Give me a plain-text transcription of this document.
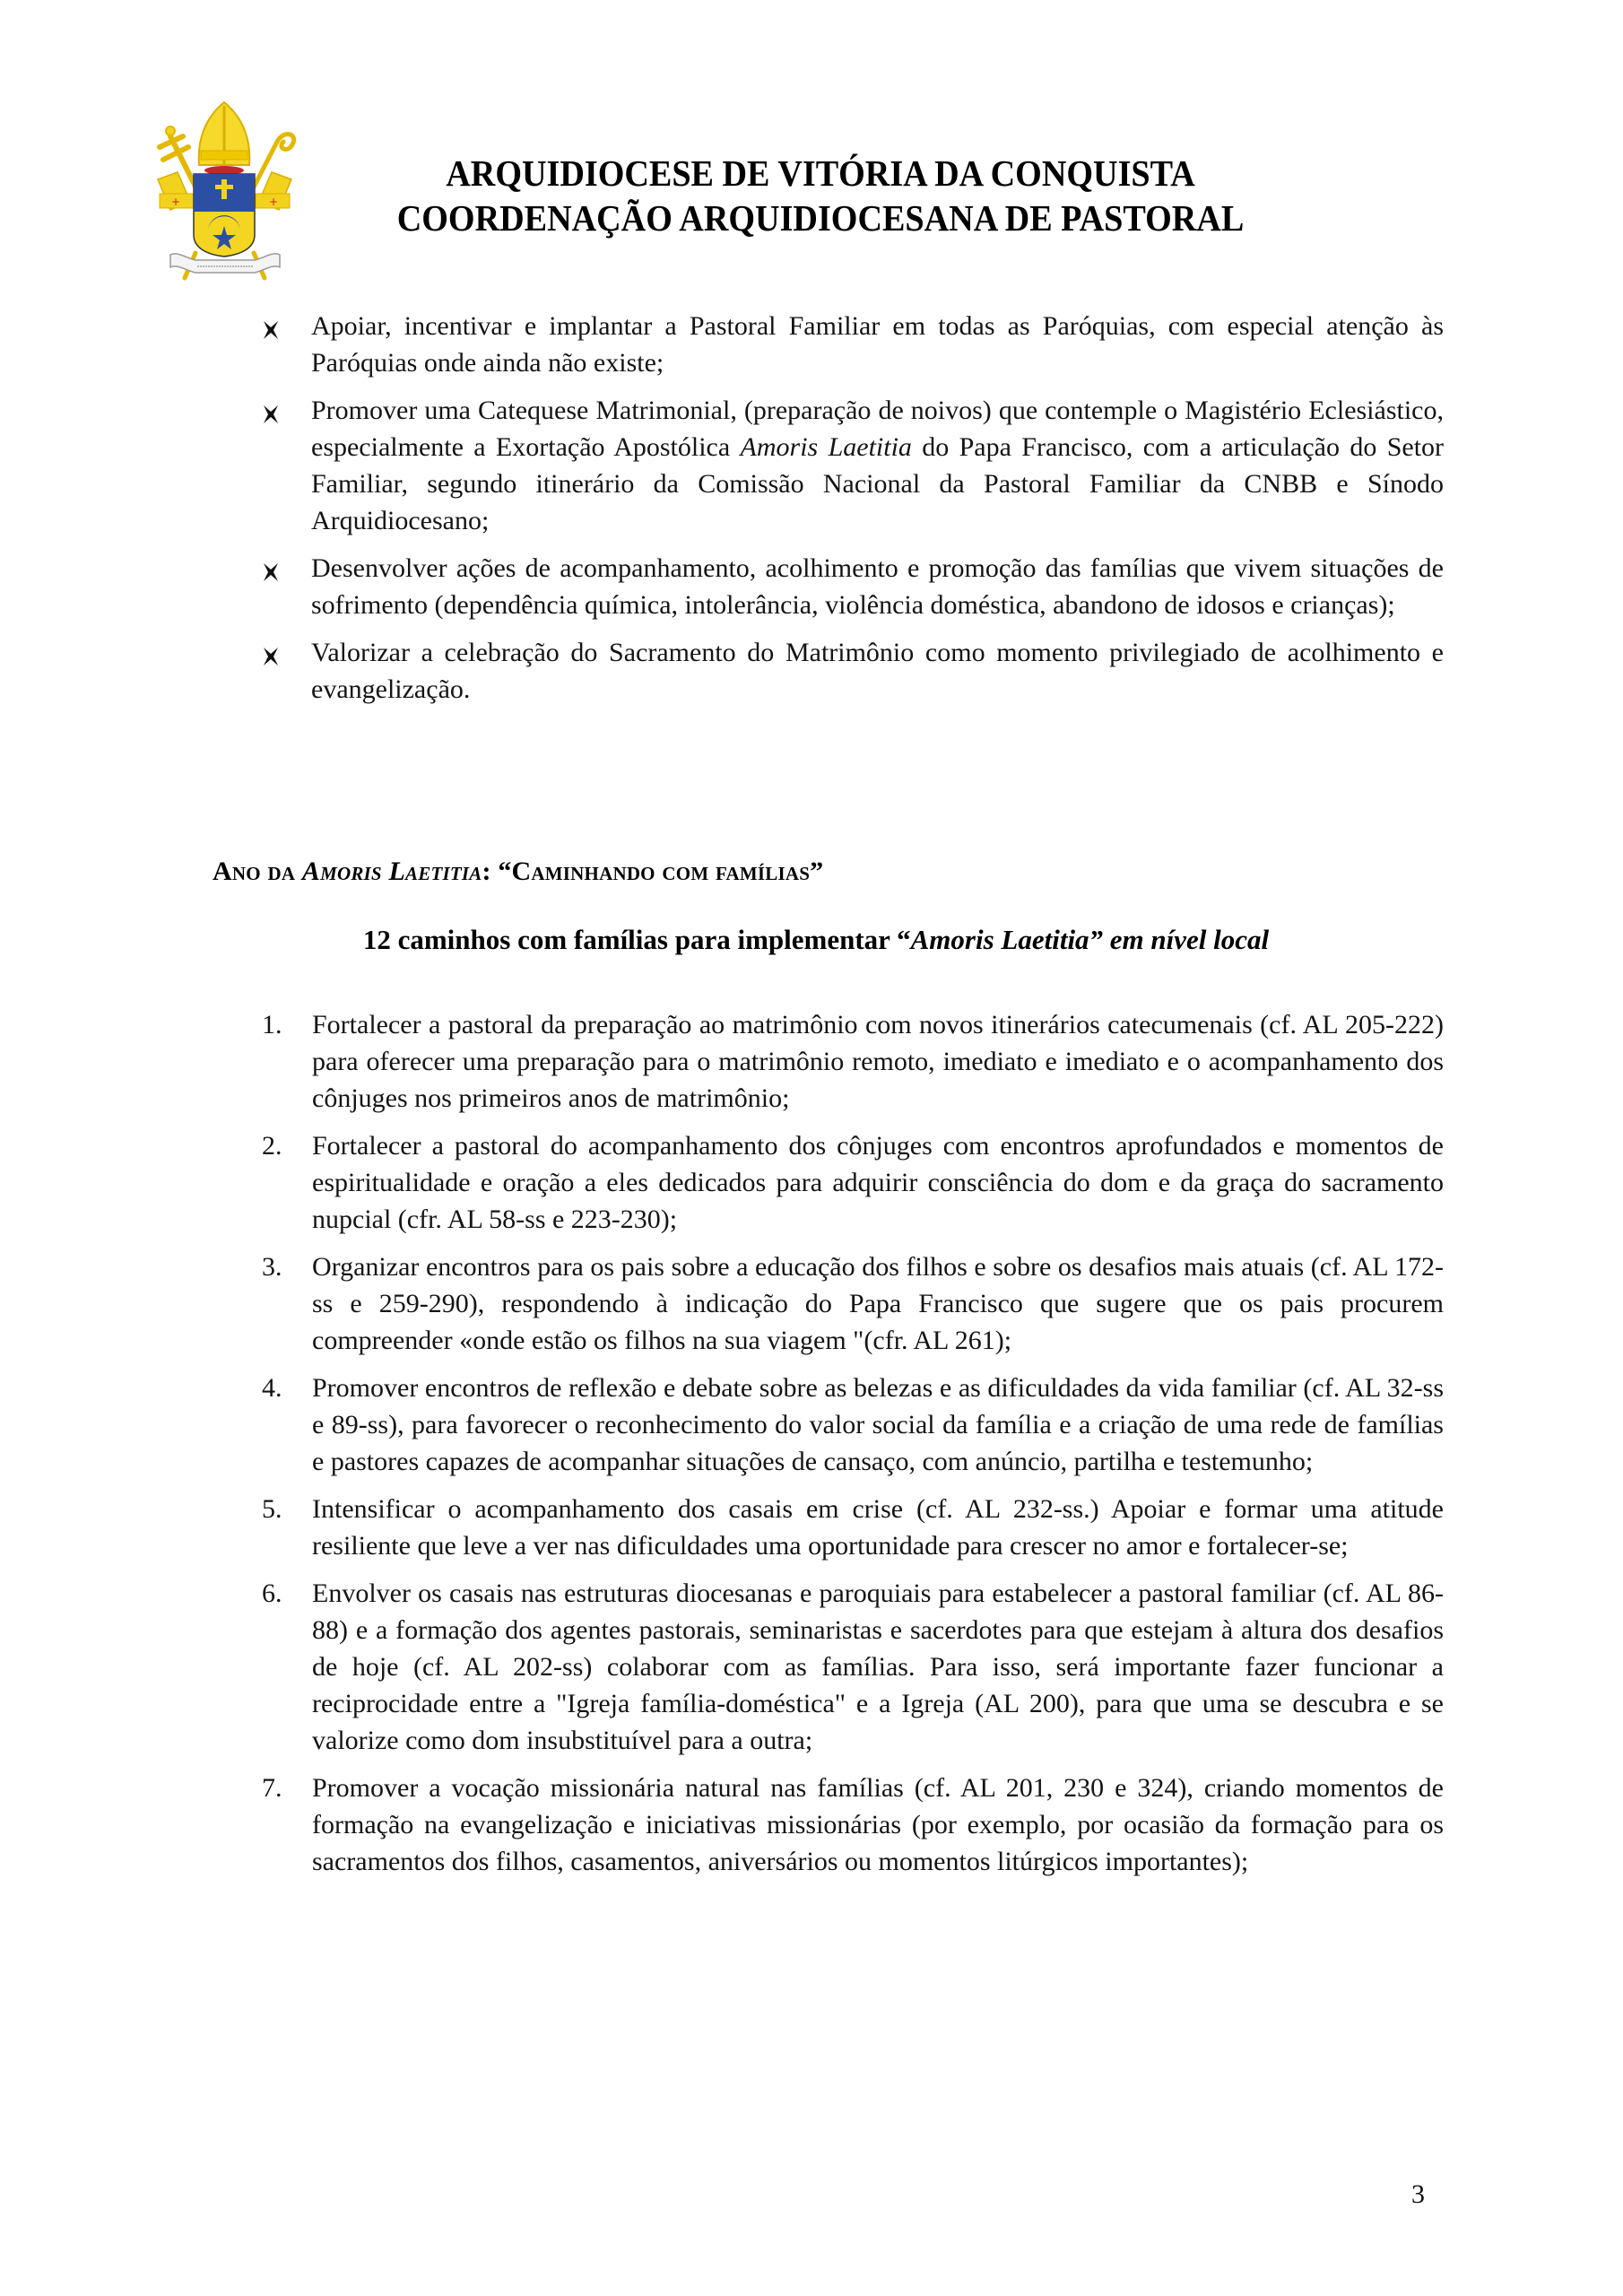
+	+
ARQUIDIOCESE DE VITÓRIA DA CONQUISTA
COORDENAÇÃO ARQUIDIOCESANA DE PASTORAL
Apoiar, incentivar e implantar a Pastoral Familiar em todas as Paróquias, com especial atenção às Paróquias onde ainda não existe;
Promover uma Catequese Matrimonial, (preparação de noivos) que contemple o Magistério Eclesiástico, especialmente a Exortação Apostólica Amoris Laetitia do Papa Francisco, com a articulação do Setor Familiar, segundo itinerário da Comissão Nacional da Pastoral Familiar da CNBB e Sínodo Arquidiocesano;
Desenvolver ações de acompanhamento, acolhimento e promoção das famílias que vivem situações de sofrimento (dependência química, intolerância, violência doméstica, abandono de idosos e crianças);
Valorizar a celebração do Sacramento do Matrimônio como momento privilegiado de acolhimento e evangelização.
Ano da Amoris Laetitia: “Caminhando com famílias”
12 caminhos com famílias para implementar “Amoris Laetitia” em nível local
1. Fortalecer a pastoral da preparação ao matrimônio com novos itinerários catecumenais (cf. AL 205-222) para oferecer uma preparação para o matrimônio remoto, imediato e imediato e o acompanhamento dos cônjuges nos primeiros anos de matrimônio;
2. Fortalecer a pastoral do acompanhamento dos cônjuges com encontros aprofundados e momentos de espiritualidade e oração a eles dedicados para adquirir consciência do dom e da graça do sacramento nupcial (cfr. AL 58-ss e 223-230);
3. Organizar encontros para os pais sobre a educação dos filhos e sobre os desafios mais atuais (cf. AL 172-ss e 259-290), respondendo à indicação do Papa Francisco que sugere que os pais procurem compreender «onde estão os filhos na sua viagem "(cfr. AL 261);
4. Promover encontros de reflexão e debate sobre as belezas e as dificuldades da vida familiar (cf. AL 32-ss e 89-ss), para favorecer o reconhecimento do valor social da família e a criação de uma rede de famílias e pastores capazes de acompanhar situações de cansaço, com anúncio, partilha e testemunho;
5. Intensificar o acompanhamento dos casais em crise (cf. AL 232-ss.) Apoiar e formar uma atitude resiliente que leve a ver nas dificuldades uma oportunidade para crescer no amor e fortalecer-se;
6. Envolver os casais nas estruturas diocesanas e paroquiais para estabelecer a pastoral familiar (cf. AL 86-88) e a formação dos agentes pastorais, seminaristas e sacerdotes para que estejam à altura dos desafios de hoje (cf. AL 202-ss) colaborar com as famílias. Para isso, será importante fazer funcionar a reciprocidade entre a "Igreja família-doméstica" e a Igreja (AL 200), para que uma se descubra e se valorize como dom insubstituível para a outra;
7. Promover a vocação missionária natural nas famílias (cf. AL 201, 230 e 324), criando momentos de formação na evangelização e iniciativas missionárias (por exemplo, por ocasião da formação para os sacramentos dos filhos, casamentos, aniversários ou momentos litúrgicos importantes);
3
